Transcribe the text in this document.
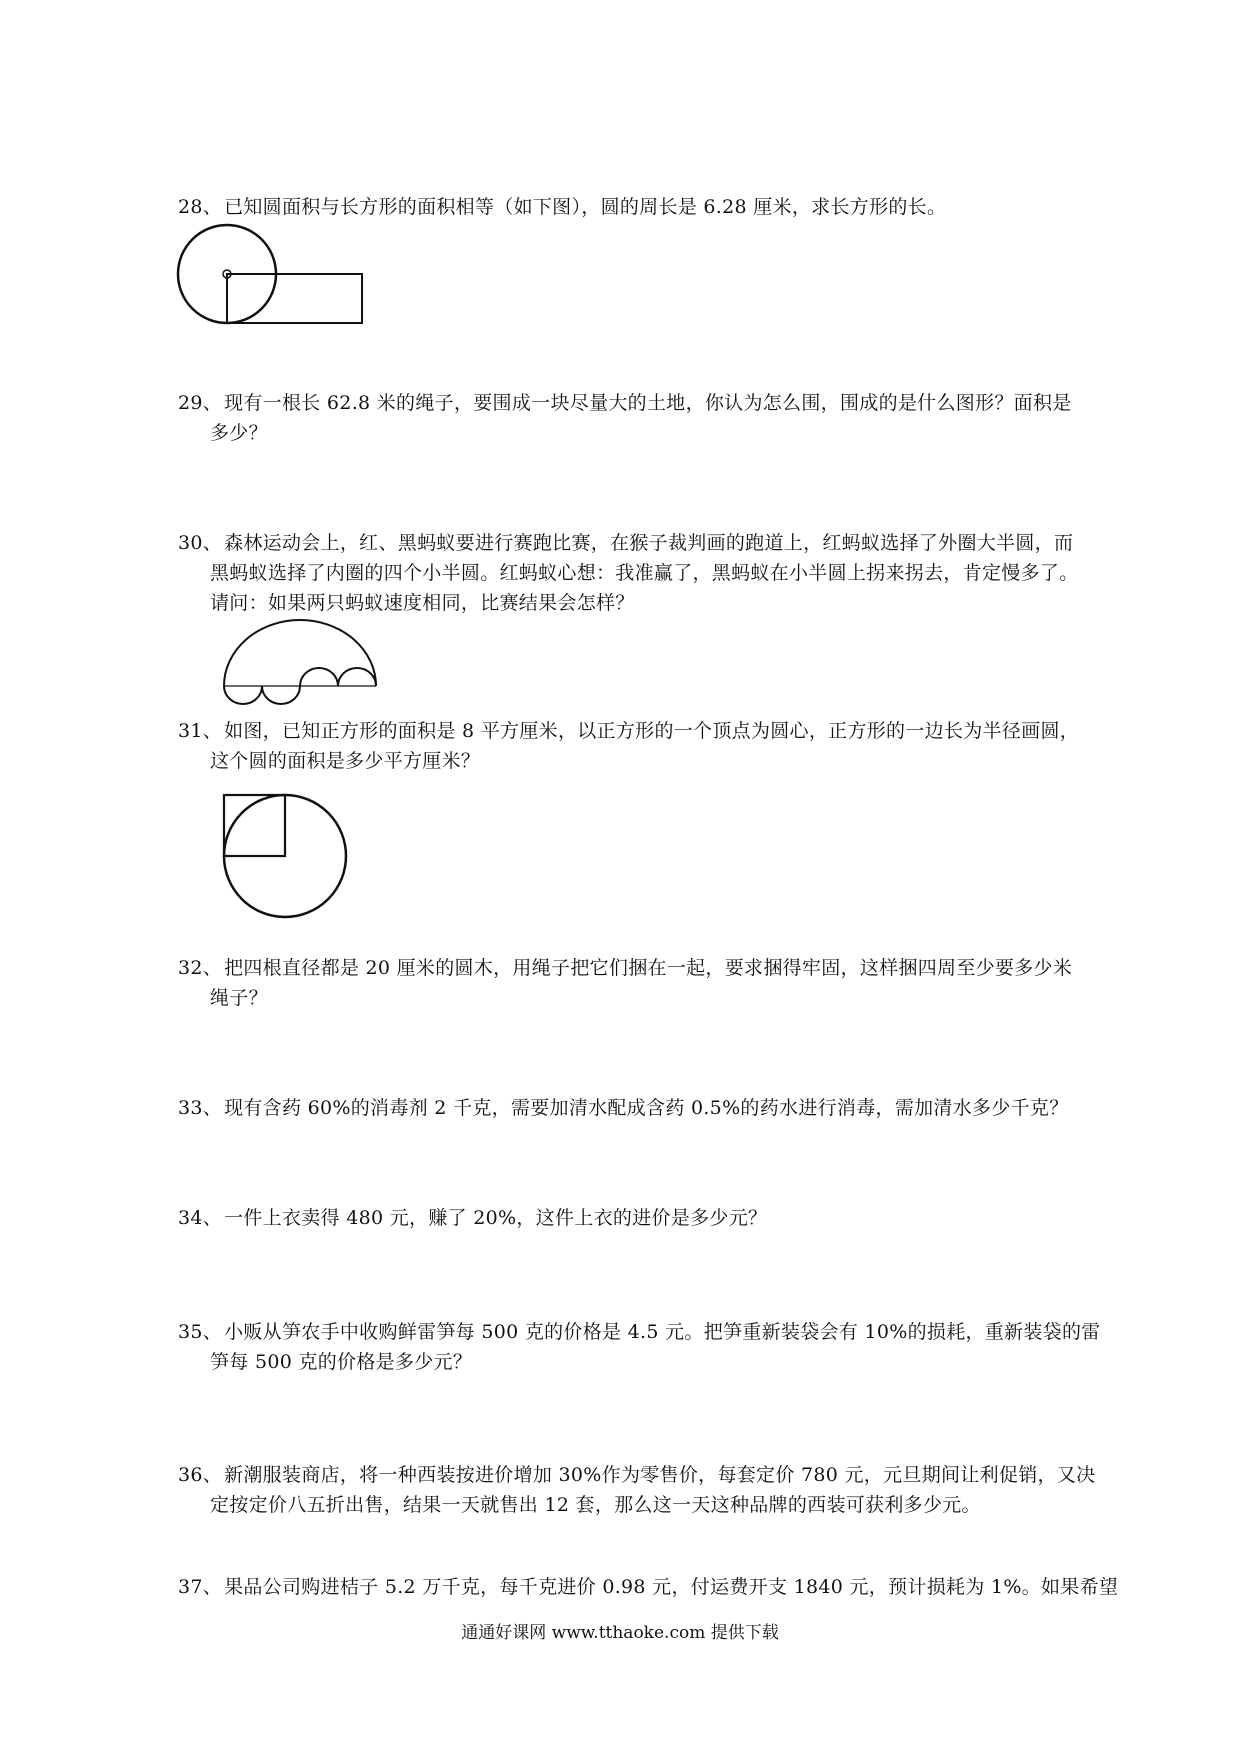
28、 已知圆面积与长方形的面积相等（如下图），圆的周长是 6.28 厘米，求长方形的长。
29、 现有一根长 62.8 米的绳子，要围成一块尽量大的土地，你认为怎么围，围成的是什么图形？面积是
多少？
30、 森林运动会上，红、黑蚂蚁要进行赛跑比赛，在猴子裁判画的跑道上，红蚂蚁选择了外圈大半圆，而
黑蚂蚁选择了内圈的四个小半圆。红蚂蚁心想：我准赢了，黑蚂蚁在小半圆上拐来拐去，肯定慢多了。
请问：如果两只蚂蚁速度相同，比赛结果会怎样？
31、 如图，已知正方形的面积是 8 平方厘米，以正方形的一个顶点为圆心，正方形的一边长为半径画圆，
这个圆的面积是多少平方厘米？
32、 把四根直径都是 20 厘米的圆木，用绳子把它们捆在一起，要求捆得牢固，这样捆四周至少要多少米
绳子？
33、 现有含药 60%的消毒剂 2 千克，需要加清水配成含药 0.5%的药水进行消毒，需加清水多少千克？
34、 一件上衣卖得 480 元，赚了 20%，这件上衣的进价是多少元？
35、 小贩从笋农手中收购鲜雷笋每 500 克的价格是 4.5 元。把笋重新装袋会有 10%的损耗，重新装袋的雷
笋每 500 克的价格是多少元？
36、 新潮服装商店，将一种西装按进价增加 30%作为零售价，每套定价 780 元，元旦期间让利促销，又决
定按定价八五折出售，结果一天就售出 12 套，那么这一天这种品牌的西装可获利多少元。
37、 果品公司购进桔子 5.2 万千克，每千克进价 0.98 元，付运费开支 1840 元，预计损耗为 1%。如果希望
通通好课网 www.tthaoke.com 提供下载
